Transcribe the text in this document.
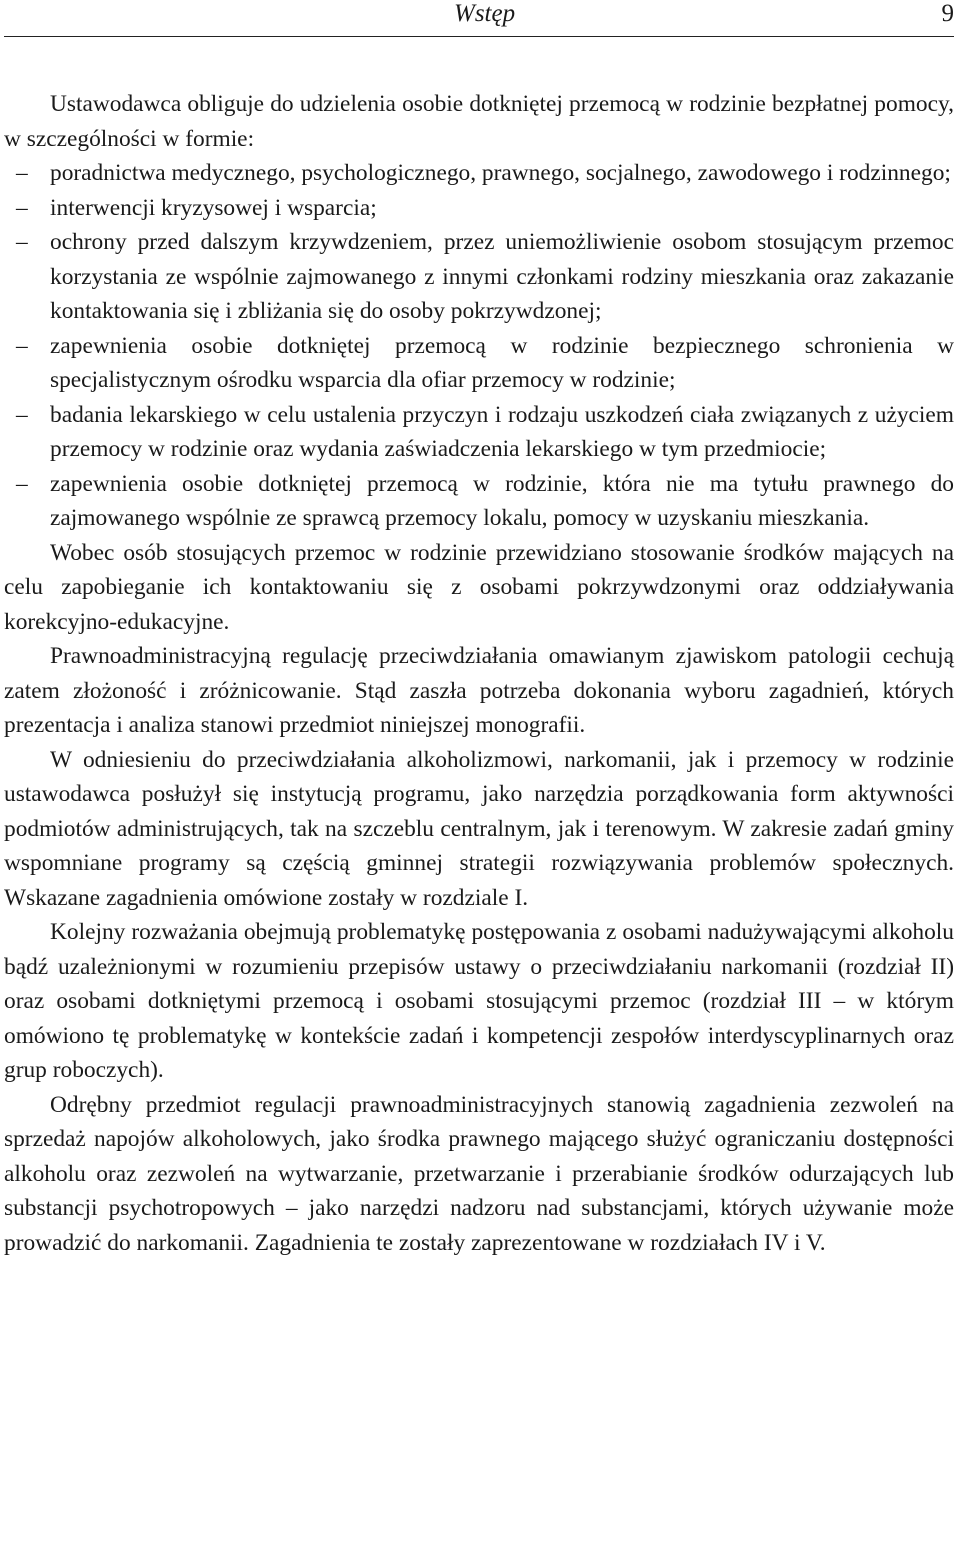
Wstęp	9

Ustawodawca obliguje do udzielenia osobie dotkniętej przemocą w rodzinie bezpłatnej pomocy, w szczególności w formie:

– poradnictwa medycznego, psychologicznego, prawnego, socjalnego, zawodowego i rodzinnego;
– interwencji kryzysowej i wsparcia;
– ochrony przed dalszym krzywdzeniem, przez uniemożliwienie osobom stosującym przemoc korzystania ze wspólnie zajmowanego z innymi członkami rodziny mieszkania oraz zakazanie kontaktowania się i zbliżania się do osoby pokrzywdzonej;
– zapewnienia osobie dotkniętej przemocą w rodzinie bezpiecznego schronienia w specjalistycznym ośrodku wsparcia dla ofiar przemocy w rodzinie;
– badania lekarskiego w celu ustalenia przyczyn i rodzaju uszkodzeń ciała związanych z użyciem przemocy w rodzinie oraz wydania zaświadczenia lekarskiego w tym przedmiocie;
– zapewnienia osobie dotkniętej przemocą w rodzinie, która nie ma tytułu prawnego do zajmowanego wspólnie ze sprawcą przemocy lokalu, pomocy w uzyskaniu mieszkania.

Wobec osób stosujących przemoc w rodzinie przewidziano stosowanie środków mających na celu zapobieganie ich kontaktowaniu się z osobami pokrzywdzonymi oraz oddziaływania korekcyjno-edukacyjne.

Prawnoadministracyjną regulację przeciwdziałania omawianym zjawiskom patologii cechują zatem złożoność i zróżnicowanie. Stąd zaszła potrzeba dokonania wyboru zagadnień, których prezentacja i analiza stanowi przedmiot niniejszej monografii.

W odniesieniu do przeciwdziałania alkoholizmowi, narkomanii, jak i przemocy w rodzinie ustawodawca posłużył się instytucją programu, jako narzędzia porządkowania form aktywności podmiotów administrujących, tak na szczeblu centralnym, jak i terenowym. W zakresie zadań gminy wspomniane programy są częścią gminnej strategii rozwiązywania problemów społecznych. Wskazane zagadnienia omówione zostały w rozdziale I.

Kolejny rozważania obejmują problematykę postępowania z osobami nadużywającymi alkoholu bądź uzależnionymi w rozumieniu przepisów ustawy o przeciwdziałaniu narkomanii (rozdział II) oraz osobami dotkniętymi przemocą i osobami stosującymi przemoc (rozdział III – w którym omówiono tę problematykę w kontekście zadań i kompetencji zespołów interdyscyplinarnych oraz grup roboczych).

Odrębny przedmiot regulacji prawnoadministracyjnych stanowią zagadnienia zezwoleń na sprzedaż napojów alkoholowych, jako środka prawnego mającego służyć ograniczaniu dostępności alkoholu oraz zezwoleń na wytwarzanie, przetwarzanie i przerabianie środków odurzających lub substancji psychotropowych – jako narzędzi nadzoru nad substancjami, których używanie może prowadzić do narkomanii. Zagadnienia te zostały zaprezentowane w rozdziałach IV i V.
